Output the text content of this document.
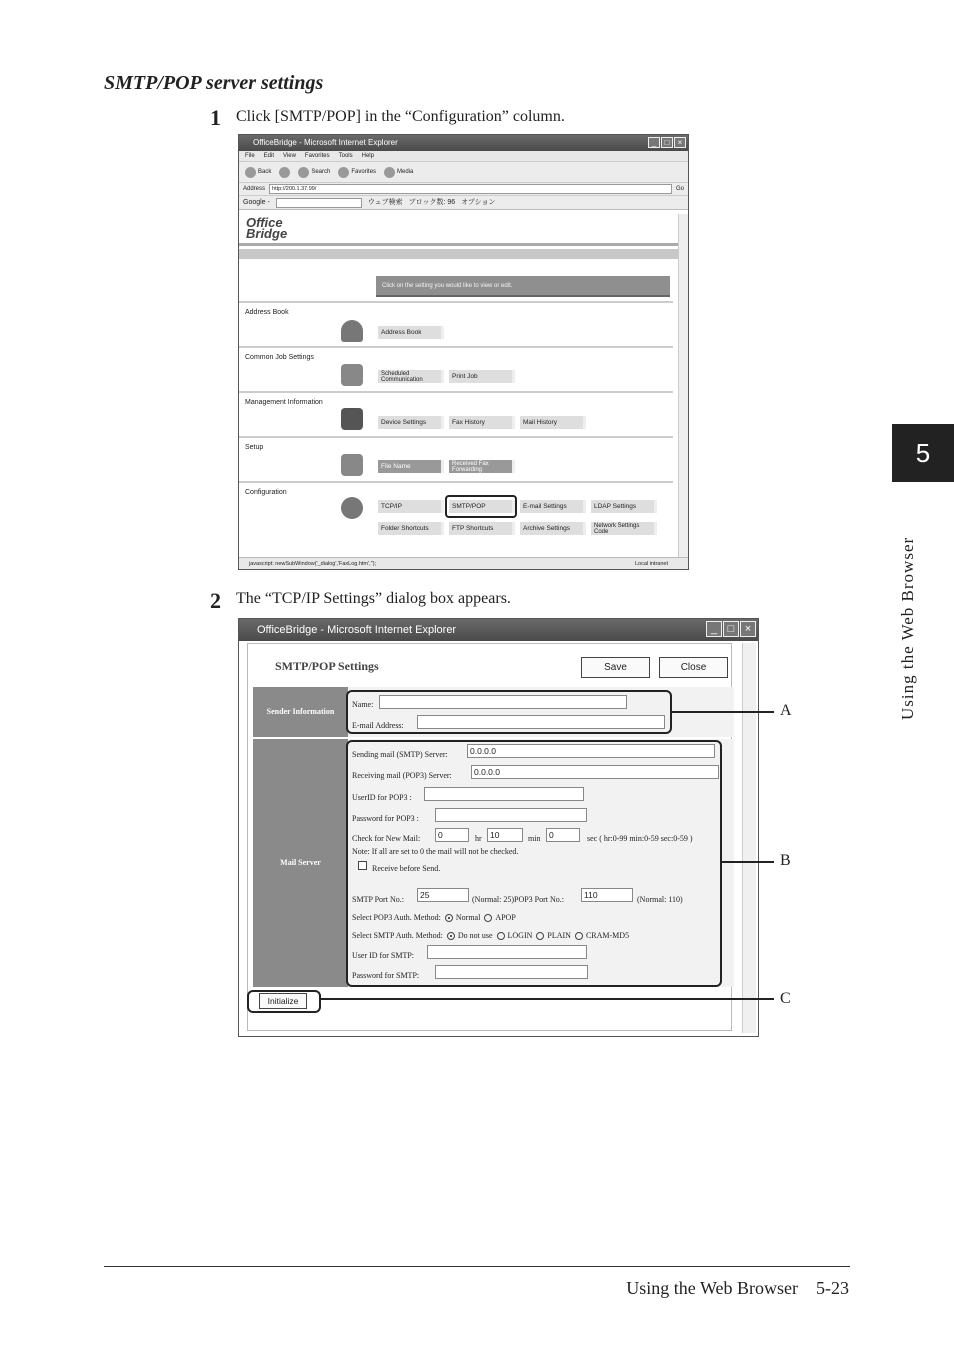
SMTP/POP server settings
1 Click [SMTP/POP] in the “Configuration” column.
OfficeBridge - Microsoft Internet Explorer	_	□	×
File Edit View Favorites Tools Help
Back	Search	Favorites	Media
Address	http://200.1.37.99/	Go
Google -	ウェブ検索 ブロック数: 96 オプション
Office
Bridge
Click on the setting you would like to view or edit.
Address Book
Address Book
Common Job Settings
Scheduled Communication	Print Job
Management Information
Device Settings	Fax History	Mail History
Setup
File Name	Received Fax Forwarding
Configuration
TCP/IP	SMTP/POP	E-mail Settings	LDAP Settings
Folder Shortcuts	FTP Shortcuts	Archive Settings	Network Settings Code
javascript: newSubWindow('_dialog','FaxLog.htm','');	Local intranet
2 The “TCP/IP Settings” dialog box appears.
OfficeBridge - Microsoft Internet Explorer	_ □ ×
SMTP/POP Settings	Save	Close
Sender Information
Mail Server
Name:
E-mail Address:
Sending mail (SMTP) Server:	0.0.0.0
Receiving mail (POP3) Server:	0.0.0.0
UserID for POP3 :
Password for POP3 :
Check for New Mail:	0	hr 10	min	0	sec ( hr:0-99 min:0-59 sec:0-59 )
Note: If all are set to 0 the mail will not be checked.
Receive before Send.
SMTP Port No.:	25	(Normal: 25)POP3 Port No.:	110	(Normal: 110)
Select POP3 Auth. Method: Normal APOP
Select SMTP Auth. Method: Do not use LOGIN PLAIN CRAM-MD5
User ID for SMTP:
Password for SMTP:
Initialize
A
B
C
5
Using the Web Browser
Using the Web Browser 5-23
